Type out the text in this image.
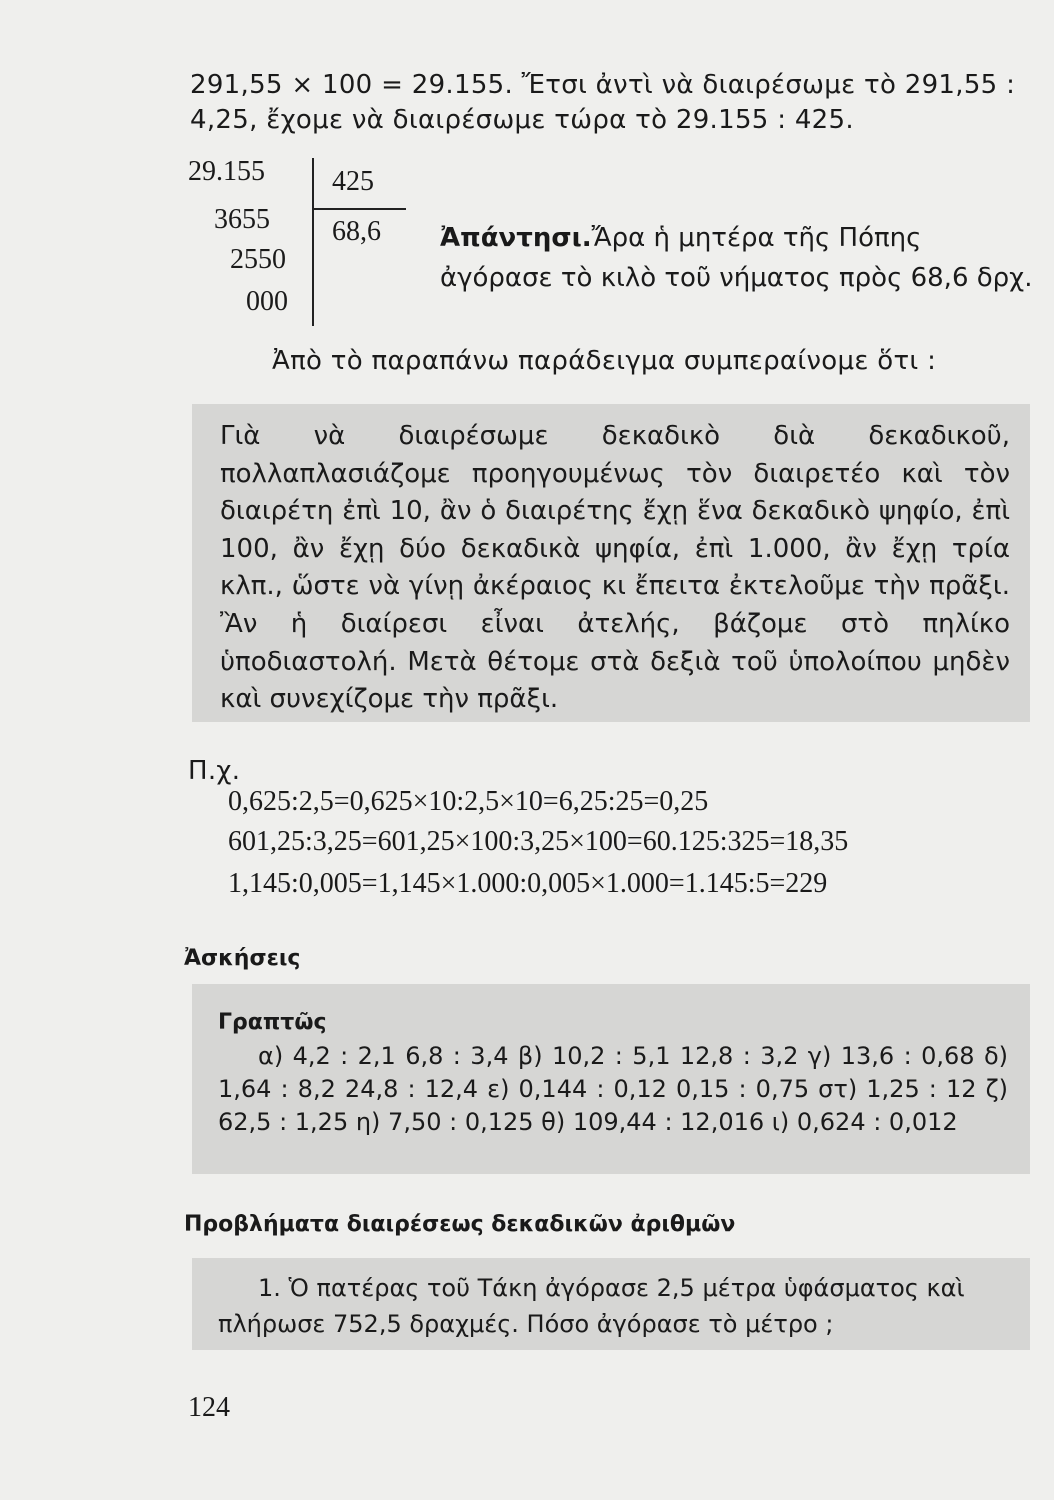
291,55 × 100 = 29.155. Ἔτσι ἀντὶ νὰ διαιρέσωμε τὸ 291,55 :
4,25, ἔχομε νὰ διαιρέσωμε τώρα τὸ 29.155 : 425.
29.155 425
68,6
3655
2550
000
Ἀπάντησι.Ἄρα ἡ μητέρα τῆς Πόπης ἀγόρασε τὸ κιλὸ τοῦ νήματος πρὸς 68,6 δρχ.
Ἀπὸ τὸ παραπάνω παράδειγμα συμπεραίνομε ὅτι :
Γιὰ νὰ διαιρέσωμε δεκαδικὸ διὰ δεκαδικοῦ, πολλαπλασιάζομε προηγουμένως τὸν διαιρετέο καὶ τὸν διαιρέτη ἐπὶ 10, ἂν ὁ διαιρέτης ἔχῃ ἕνα δεκαδικὸ ψηφίο, ἐπὶ 100, ἂν ἔχῃ δύο δεκαδικὰ ψηφία, ἐπὶ 1.000, ἂν ἔχῃ τρία κλπ., ὥστε νὰ γίνῃ ἀκέραιος κι ἔπειτα ἐκτελοῦμε τὴν πρᾶξι. Ἂν ἡ διαίρεσι εἶναι ἀτελής, βάζομε στὸ πηλίκο ὑποδιαστολή. Μετὰ θέτομε στὰ δεξιὰ τοῦ ὑπολοίπου μηδὲν καὶ συνεχίζομε τὴν πρᾶξι.
Π.χ.
0,625:2,5=0,625×10:2,5×10=6,25:25=0,25
601,25:3,25=601,25×100:3,25×100=60.125:325=18,35
1,145:0,005=1,145×1.000:0,005×1.000=1.145:5=229
Ἀσκήσεις
Γραπτῶς
α) 4,2 : 2,1 6,8 : 3,4 β) 10,2 : 5,1 12,8 : 3,2 γ) 13,6 : 0,68 δ) 1,64 : 8,2 24,8 : 12,4 ε) 0,144 : 0,12 0,15 : 0,75 στ) 1,25 : 12 ζ) 62,5 : 1,25 η) 7,50 : 0,125 θ) 109,44 : 12,016 ι) 0,624 : 0,012
Προβλήματα διαιρέσεως δεκαδικῶν ἀριθμῶν
1. Ὁ πατέρας τοῦ Τάκη ἀγόρασε 2,5 μέτρα ὑφάσματος καὶ πλήρωσε 752,5 δραχμές. Πόσο ἀγόρασε τὸ μέτρο ;
124
